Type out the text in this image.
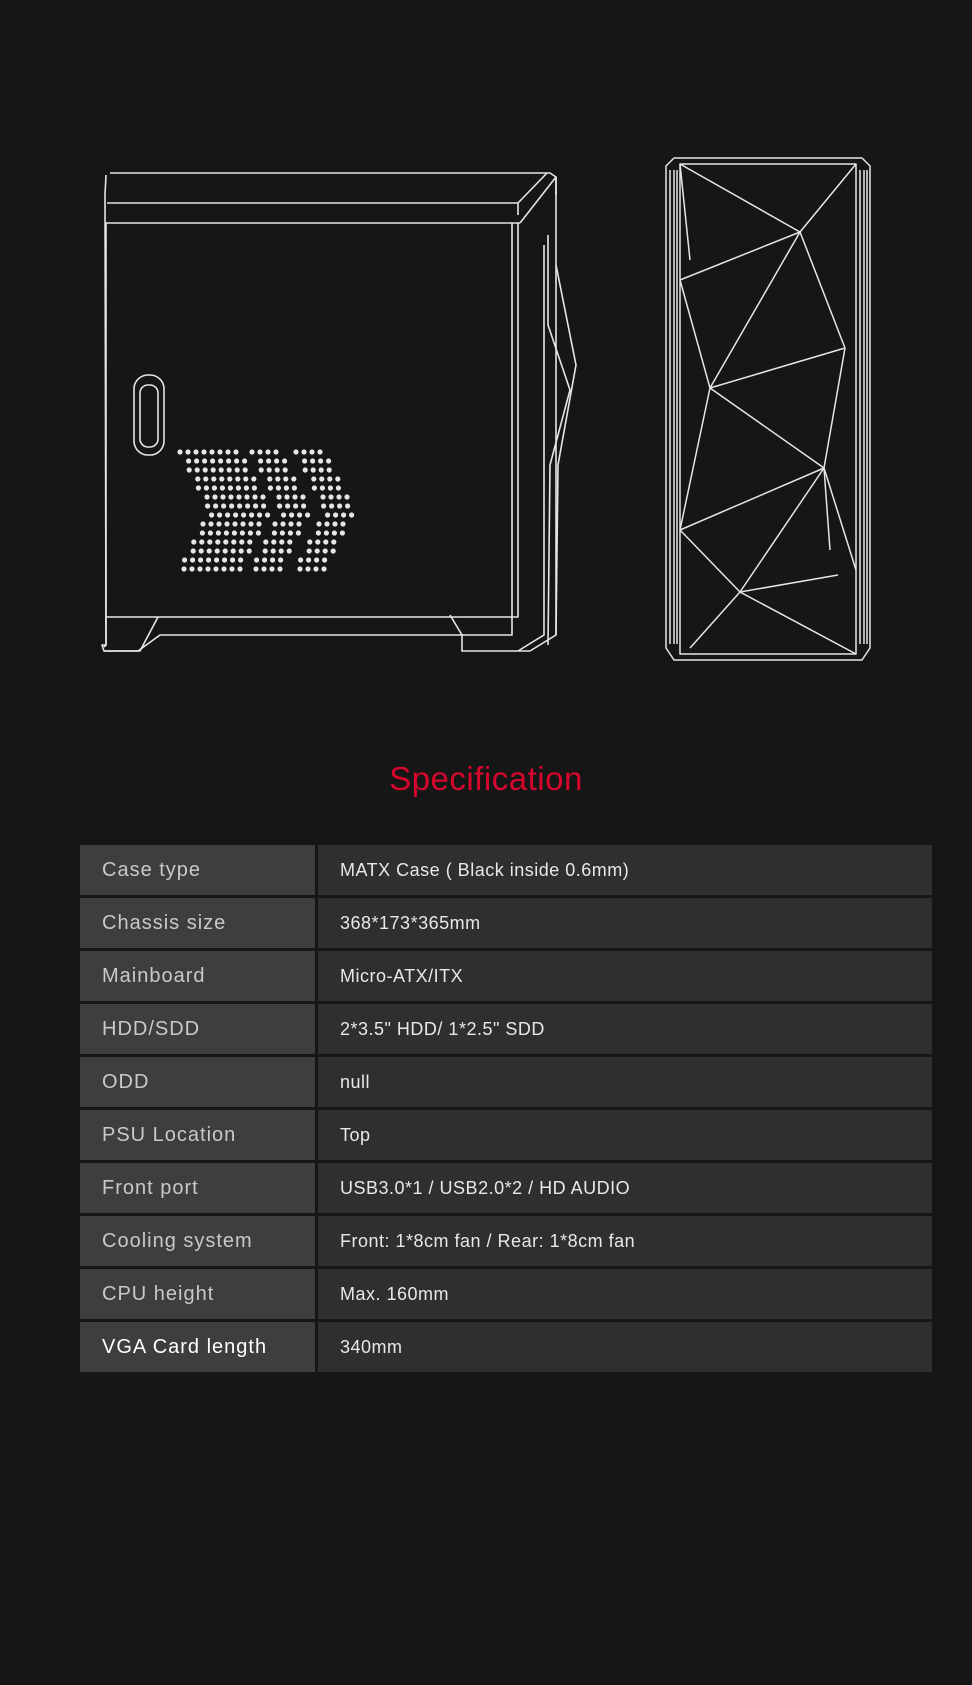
Specification
Case type	MATX Case ( Black inside 0.6mm)
Chassis size	368*173*365mm
Mainboard	Micro-ATX/ITX
HDD/SDD	2*3.5" HDD/ 1*2.5" SDD
ODD	null
PSU Location	Top
Front port	USB3.0*1 / USB2.0*2 / HD AUDIO
Cooling system	Front: 1*8cm fan / Rear: 1*8cm fan
CPU height	Max. 160mm
VGA Card length	340mm
